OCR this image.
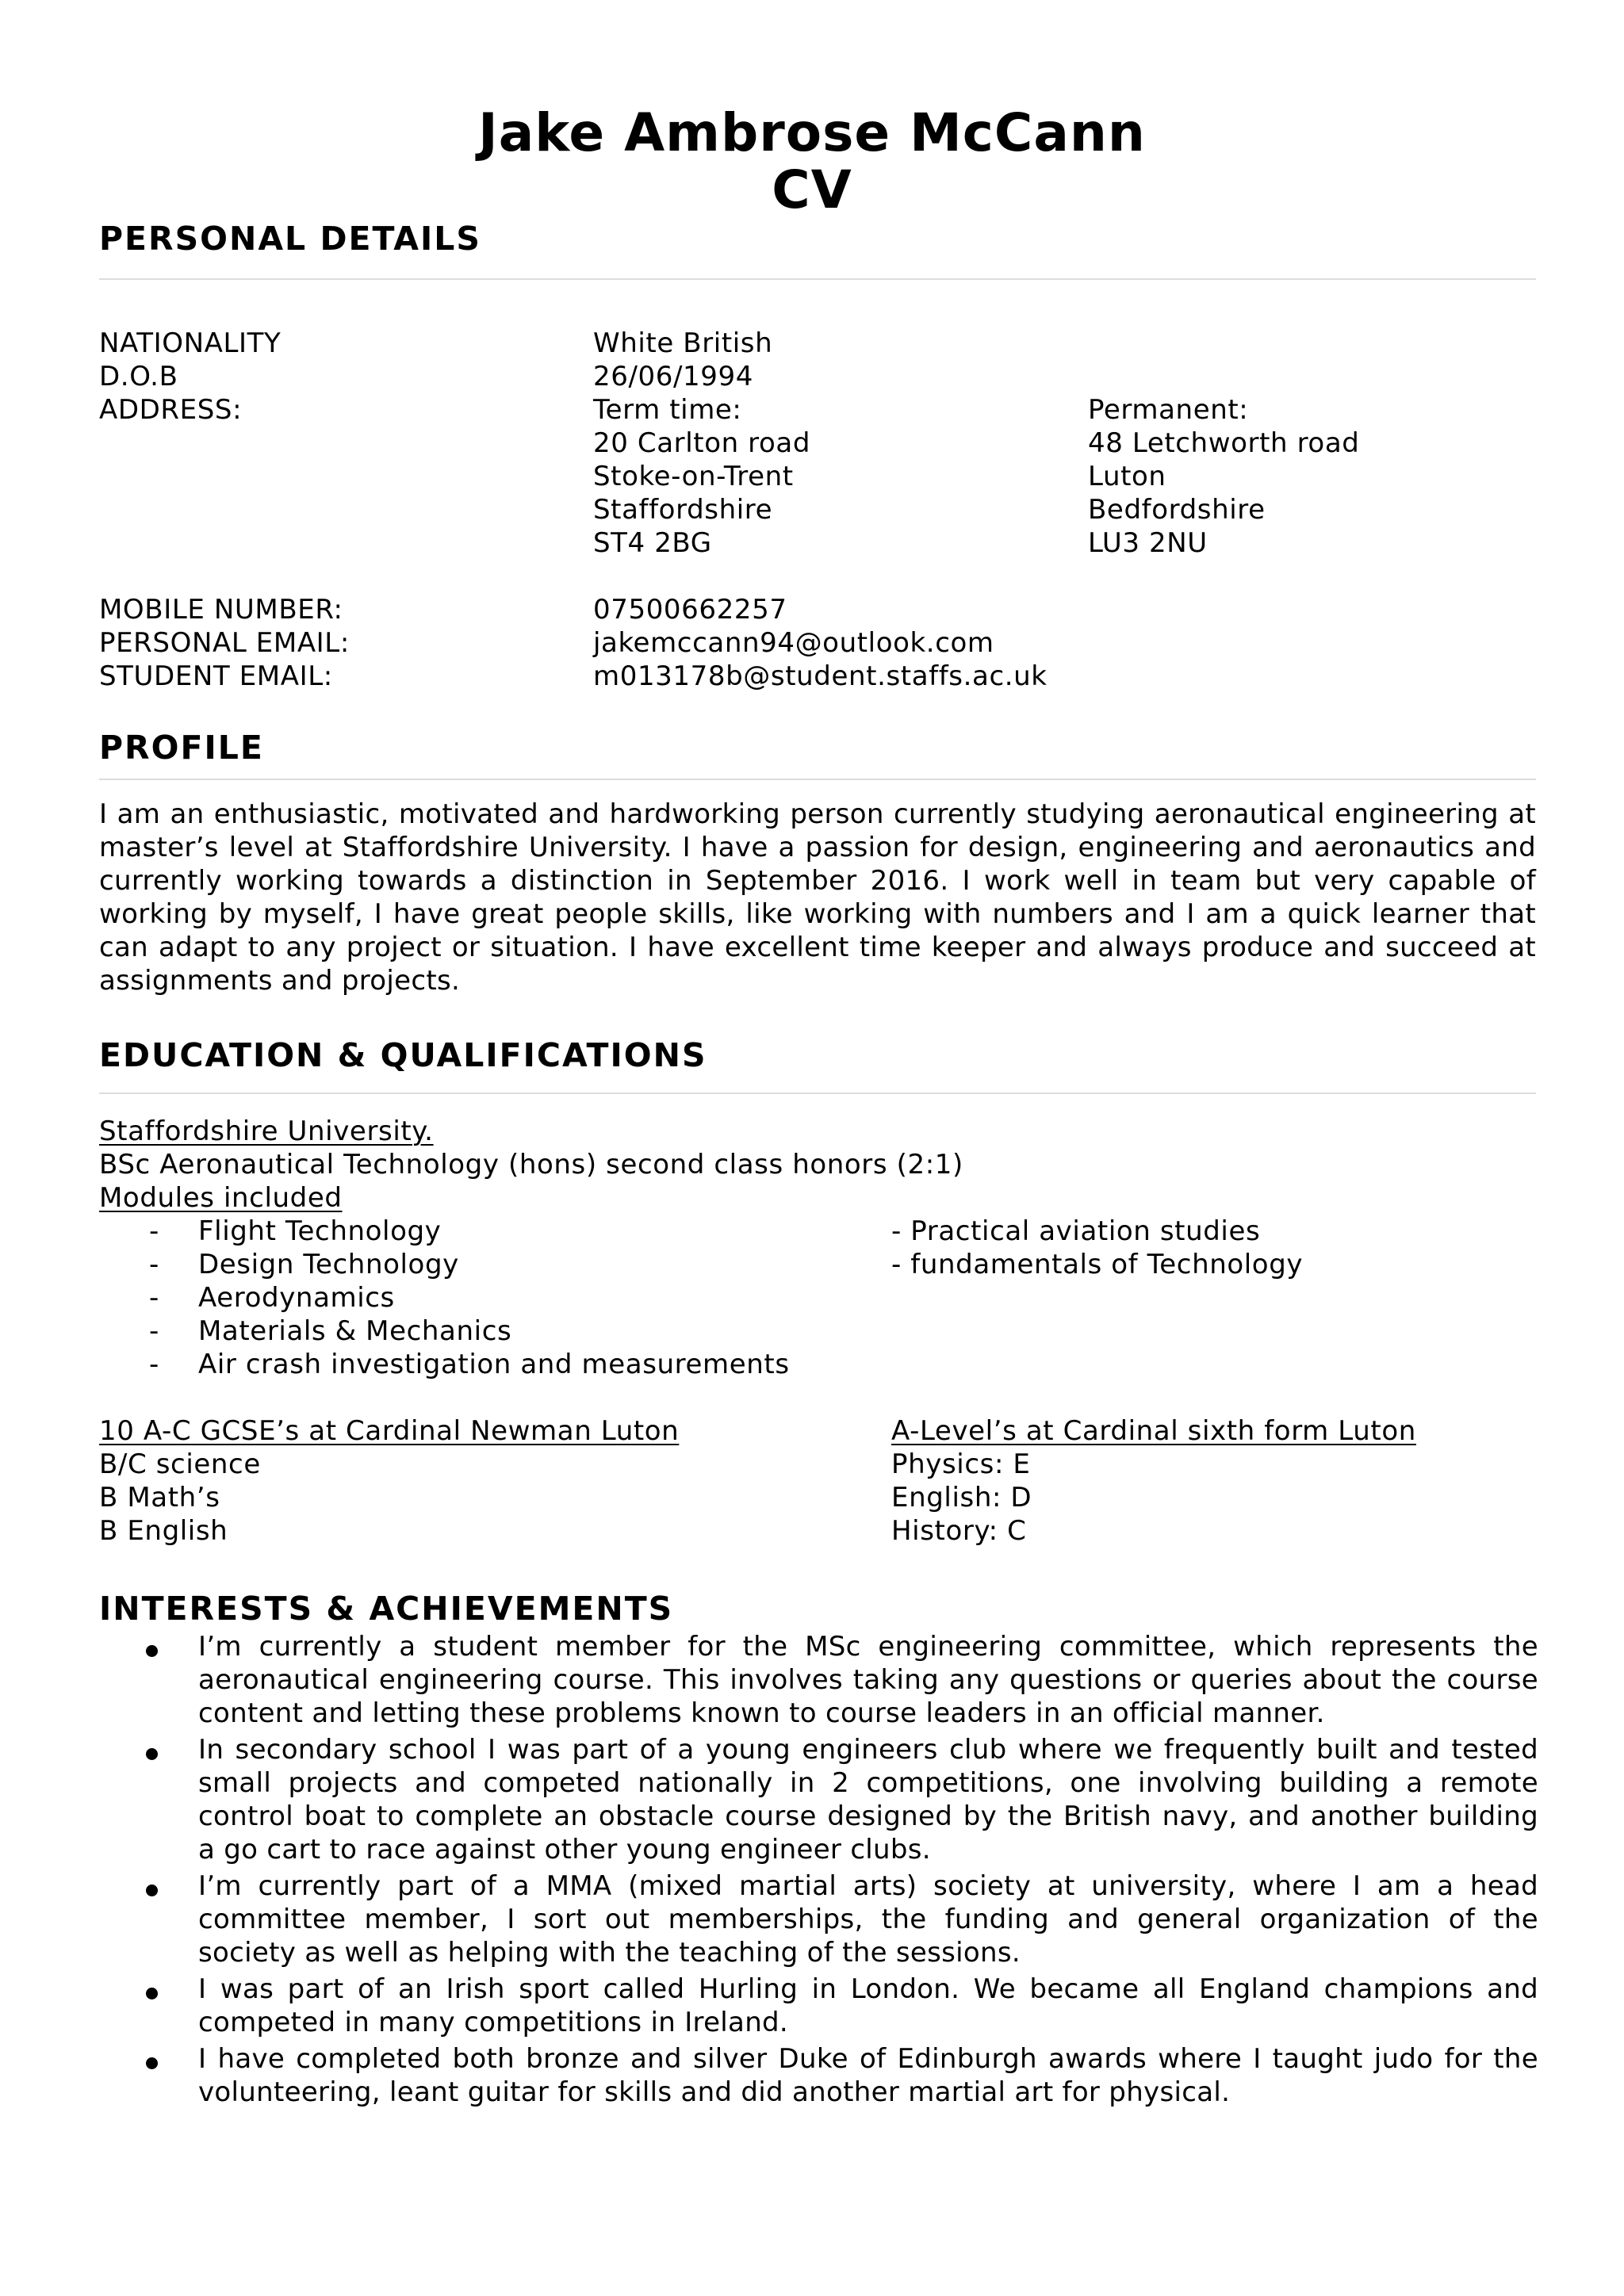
Jake Ambrose McCann
CV
PERSONAL DETAILS
NATIONALITY	White British
D.O.B	26/06/1994
ADDRESS:	Term time:
20 Carlton road
Stoke-on-Trent
Staffordshire
ST4 2BG
Permanent:
48 Letchworth road
Luton
Bedfordshire
LU3 2NU
MOBILE NUMBER:	07500662257
PERSONAL EMAIL:	jakemccann94@outlook.com
STUDENT EMAIL:	m013178b@student.staffs.ac.uk
PROFILE
I am an enthusiastic, motivated and hardworking person currently studying aeronautical engineering at
master’s level at Staffordshire University. I have a passion for design, engineering and aeronautics and
currently working towards a distinction in September 2016. I work well in team but very capable of
working by myself, I have great people skills, like working with numbers and I am a quick learner that
can adapt to any project or situation. I have excellent time keeper and always produce and succeed at
assignments and projects.
EDUCATION & QUALIFICATIONS
Staffordshire University.
BSc Aeronautical Technology (hons) second class honors (2:1)
Modules included
- Flight Technology
- Design Technology
- Aerodynamics
- Materials & Mechanics
- Air crash investigation and measurements
- Practical aviation studies
- fundamentals of Technology
10 A-C GCSE’s at Cardinal Newman Luton
B/C science
B Math’s
B English
A-Level’s at Cardinal sixth form Luton
Physics: E
English: D
History: C
INTERESTS & ACHIEVEMENTS
I’m currently a student member for the MSc engineering committee, which represents the
aeronautical engineering course. This involves taking any questions or queries about the course
content and letting these problems known to course leaders in an official manner.
In secondary school I was part of a young engineers club where we frequently built and tested
small projects and competed nationally in 2 competitions, one involving building a remote
control boat to complete an obstacle course designed by the British navy, and another building
a go cart to race against other young engineer clubs.
I’m currently part of a MMA (mixed martial arts) society at university, where I am a head
committee member, I sort out memberships, the funding and general organization of the
society as well as helping with the teaching of the sessions.
I was part of an Irish sport called Hurling in London. We became all England champions and
competed in many competitions in Ireland.
I have completed both bronze and silver Duke of Edinburgh awards where I taught judo for the
volunteering, leant guitar for skills and did another martial art for physical.
